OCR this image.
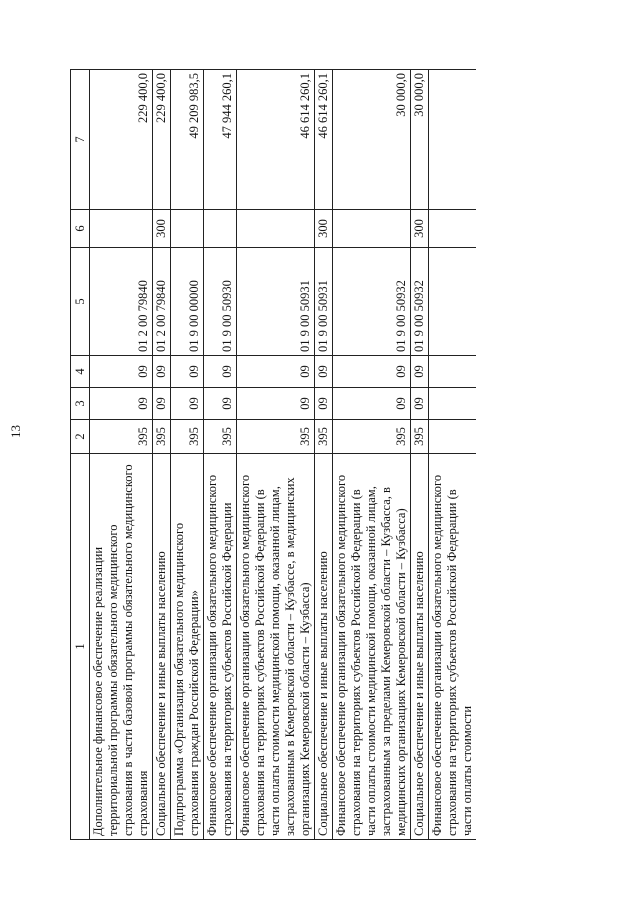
13
1	2	3	4	5	6	7
Дополнительное финансовое обеспечение реализации территориальной программы обязательного медицинского страхования в части базовой программы обязательного медицинского страхования	395	09	09	01 2 00 79840		229 400,0
Социальное обеспечение и иные выплаты населению	395	09	09	01 2 00 79840	300	229 400,0
Подпрограмма «Организация обязательного медицинского страхования граждан Российской Федерации»	395	09	09	01 9 00 00000		49 209 983,5
Финансовое обеспечение организации обязательного медицинского страхования на территориях субъектов Российской Федерации	395	09	09	01 9 00 50930		47 944 260,1
Финансовое обеспечение организации обязательного медицинского страхования на территориях субъектов Российской Федерации (в части оплаты стоимости медицинской помощи, оказанной лицам, застрахованным в Кемеровской области – Кузбассе, в медицинских организациях Кемеровской области – Кузбасса)	395	09	09	01 9 00 50931		46 614 260,1
Социальное обеспечение и иные выплаты населению	395	09	09	01 9 00 50931	300	46 614 260,1
Финансовое обеспечение организации обязательного медицинского страхования на территориях субъектов Российской Федерации (в части оплаты стоимости медицинской помощи, оказанной лицам, застрахованным за пределами Кемеровской области – Кузбасса, в медицинских организациях Кемеровской области – Кузбасса)	395	09	09	01 9 00 50932		30 000,0
Социальное обеспечение и иные выплаты населению	395	09	09	01 9 00 50932	300	30 000,0
Финансовое обеспечение организации обязательного медицинского страхования на территориях субъектов Российской Федерации (в части оплаты стоимости						
